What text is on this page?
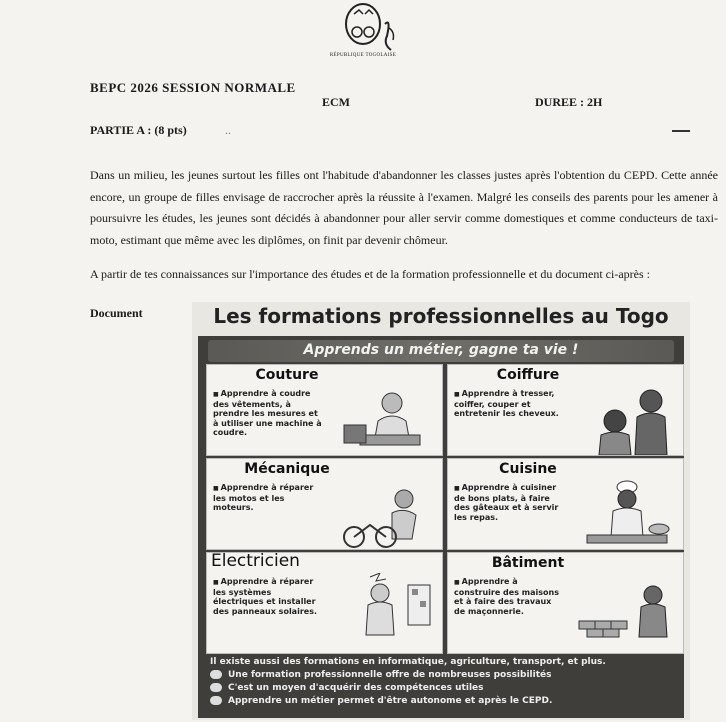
RÉPUBLIQUE TOGOLAISE
BEPC 2026 SESSION NORMALE
ECM	DUREE : 2H
PARTIE A : (8 pts)	..
Dans un milieu, les jeunes surtout les filles ont l'habitude d'abandonner les classes justes après l'obtention du CEPD. Cette année encore, un groupe de filles envisage de raccrocher après la réussite à l'examen. Malgré les conseils des parents pour les amener à poursuivre les études, les jeunes sont décidés à abandonner pour aller servir comme domestiques et comme conducteurs de taxi-moto, estimant que même avec les diplômes, on finit par devenir chômeur.
A partir de tes connaissances sur l'importance des études et de la formation professionnelle et du document ci-après :
Document	Les formations professionnelles au Togo
Apprends un métier, gagne ta vie !
Couture
■ Apprendre à coudre des vêtements, à prendre les mesures et à utiliser une machine à coudre.
Coiffure
■ Apprendre à tresser, coiffer, couper et entretenir les cheveux.
Mécanique
■ Apprendre à réparer les motos et les moteurs.
Cuisine
■ Apprendre à cuisiner de bons plats, à faire des gâteaux et à servir les repas.
Electricien
■ Apprendre à réparer les systèmes électriques et installer des panneaux solaires.
Bâtiment
■ Apprendre à construire des maisons et à faire des travaux de maçonnerie.
Il existe aussi des formations en informatique, agriculture, transport, et plus.
Une formation professionnelle offre de nombreuses possibilités
C'est un moyen d'acquérir des compétences utiles
Apprendre un métier permet d'être autonome et après le CEPD.
